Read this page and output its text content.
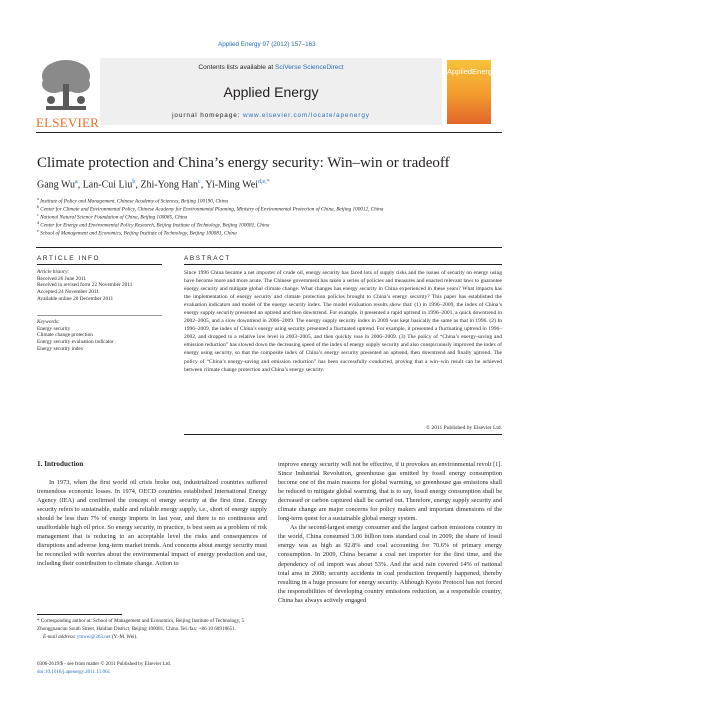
Applied Energy 97 (2012) 157–163
ELSEVIER
Contents lists available at SciVerse ScienceDirect
Applied Energy
journal homepage: www.elsevier.com/locate/apenergy
AppliedEnergy
Climate protection and China’s energy security: Win–win or tradeoff
Gang Wu$^a$, Lan-Cui Liu$^b$, Zhi-Yong Han$^c$, Yi-Ming Wei$^{d,e,*}$
$^a$ Institute of Policy and Management, Chinese Academy of Sciences, Beijing 100190, China
$^b$ Center for Climate and Environmental Policy, Chinese Academy for Environmental Planning, Ministry of Environmental Protection of China, Beijing 100012, China
$^c$ National Natural Science Foundation of China, Beijing 100085, China
$^d$ Center for Energy and Environmental Policy Research, Beijing Institute of Technology, Beijing 100081, China
$^e$ School of Management and Economics, Beijing Institute of Technology, Beijing 100081, China
ARTICLE INFO
Article history:
Received 26 June 2011
Received in revised form 22 November 2011
Accepted 24 November 2011
Available online 20 December 2011
Keywords:
Energy security
Climate change protection
Energy security evaluation indicator
Energy security index
ABSTRACT
Since 1996 China became a net importer of crude oil, energy security has faced lots of supply risks and the issues of security on energy using have become more and more acute. The Chinese government has taken a series of policies and measures and enacted relevant laws to guarantee energy security and mitigate global climate change. What changes has energy security in China experienced in these years? What impacts has the implementation of energy security and climate protection policies brought to China’s energy security? This paper has established the evaluation indicators and model of the energy security index. The model evaluation results show that: (1) in 1996–2009, the index of China’s energy supply security presented an uptrend and then downtrend. For example, it presented a rapid uptrend in 1996–2001, a quick downtrend in 2002–2005, and a slow downtrend in 2006–2009. The energy supply security index in 2009 was kept basically the same as that in 1996. (2) In 1996–2009, the index of China’s energy using security presented a fluctuated uptrend. For example, it presented a fluctuating uptrend in 1996–2002, and dropped to a relative low level in 2003–2005, and then quickly rose in 2006–2009. (3) The policy of “China’s energy-saving and emission reduction” has slowed down the decreasing speed of the index of energy supply security and also conspicuously improved the index of energy using security, so that the composite index of China’s energy security presented an uptrend, then downtrend and finally uptrend. The policy of “China’s energy-saving and emission reduction” has been successfully conducted, proving that a win–win result can be achieved between climate change protection and China’s energy security.
© 2011 Published by Elsevier Ltd.
1. Introduction
In 1973, when the first world oil crisis broke out, industrialized countries suffered tremendous economic losses. In 1974, OECD countries established International Energy Agency (IEA) and confirmed the concept of energy security at the first time. Energy security refers to sustainable, stable and reliable energy supply, i.e., short of energy supply should be less than 7% of energy imports in last year, and there is no continuous and unaffordable high oil price. So energy security, in practice, is best seen as a problem of risk management that is reducing to an acceptable level the risks and consequences of disruptions and adverse long-term market trends. And concerns about energy security must be reconciled with worries about the environmental impact of energy production and use, including their contribution to climate change. Action to
improve energy security will not be effective, if it provokes an environmental revolt [1]. Since Industrial Revolution, greenhouse gas emitted by fossil energy consumption become one of the main reasons for global warming, so greenhouse gas emissions shall be reduced to mitigate global warming, that is to say, fossil energy consumption shall be decreased or carbon captured shall be carried out. Therefore, energy supply security and climate change are major concerns for policy makers and important dimensions of the long-term quest for a sustainable global energy system.
As the second-largest energy consumer and the largest carbon emissions country in the world, China consumed 3.06 billion tons standard coal in 2009; the share of fossil energy was as high as 92.8% and coal accounting for 70.6% of primary energy consumption. In 2009, China became a coal net importer for the first time, and the dependency of oil import was about 53%. And the acid rain covered 14% of national total area in 2008; security accidents in coal production frequently happened, thereby resulting in a huge pressure for energy security. Although Kyoto Protocol has not forced the responsibilities of developing country emissions reduction, as a responsible country, China has always actively engaged
* Corresponding author at: School of Management and Economics, Beijing Institute of Technology, 5 Zhongguancun South Street, Haidian District, Beijing 100081, China. Tel./fax: +86 10 68918651.
E-mail address: ymwei@263.net (Y.-M. Wei).
0306-2619/$ - see front matter © 2011 Published by Elsevier Ltd.
doi:10.1016/j.apenergy.2011.11.061
